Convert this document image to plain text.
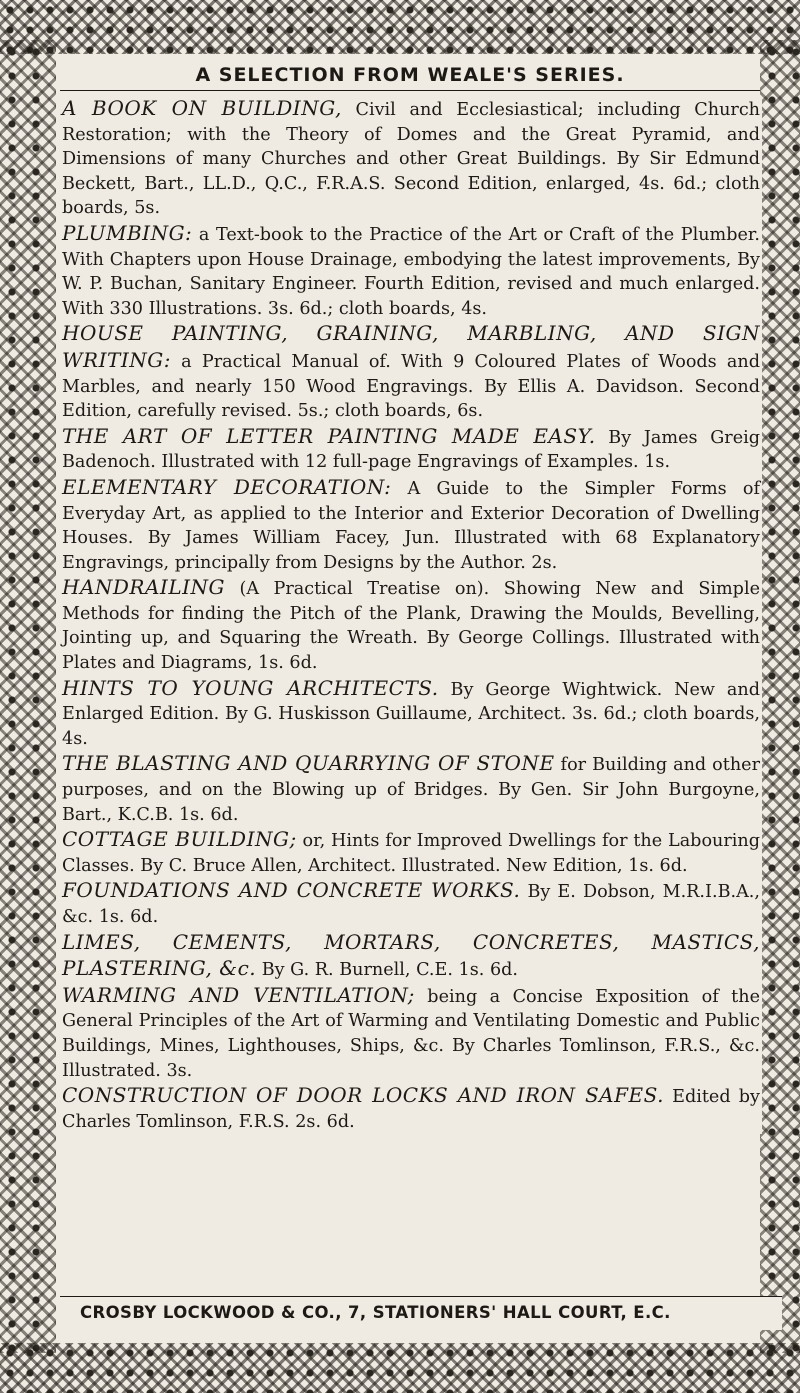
A SELECTION FROM WEALE'S SERIES.

A BOOK ON BUILDING, Civil and Ecclesiastical; including Church Restoration; with the Theory of Domes and the Great Pyramid, and Dimensions of many Churches and other Great Buildings. By Sir Edmund Beckett, Bart., LL.D., Q.C., F.R.A.S. Second Edition, enlarged, 4s. 6d.; cloth boards, 5s.

PLUMBING: a Text-book to the Practice of the Art or Craft of the Plumber. With Chapters upon House Drainage, embodying the latest improvements, By W. P. Buchan, Sanitary Engineer. Fourth Edition, revised and much enlarged. With 330 Illustrations. 3s. 6d.; cloth boards, 4s.

HOUSE PAINTING, GRAINING, MARBLING, AND SIGN WRITING: a Practical Manual of. With 9 Coloured Plates of Woods and Marbles, and nearly 150 Wood Engravings. By Ellis A. Davidson. Second Edition, carefully revised. 5s.; cloth boards, 6s.

THE ART OF LETTER PAINTING MADE EASY. By James Greig Badenoch. Illustrated with 12 full-page Engravings of Examples. 1s.

ELEMENTARY DECORATION: A Guide to the Simpler Forms of Everyday Art, as applied to the Interior and Exterior Decoration of Dwelling Houses. By James William Facey, Jun. Illustrated with 68 Explanatory Engravings, principally from Designs by the Author. 2s.

HANDRAILING (A Practical Treatise on). Showing New and Simple Methods for finding the Pitch of the Plank, Drawing the Moulds, Bevelling, Jointing up, and Squaring the Wreath. By George Collings. Illustrated with Plates and Diagrams, 1s. 6d.

HINTS TO YOUNG ARCHITECTS. By George Wightwick. New and Enlarged Edition. By G. Huskisson Guillaume, Architect. 3s. 6d.; cloth boards, 4s.

THE BLASTING AND QUARRYING OF STONE for Building and other purposes, and on the Blowing up of Bridges. By Gen. Sir John Burgoyne, Bart., K.C.B. 1s. 6d.

COTTAGE BUILDING; or, Hints for Improved Dwellings for the Labouring Classes. By C. Bruce Allen, Architect. Illustrated. New Edition, 1s. 6d.

FOUNDATIONS AND CONCRETE WORKS. By E. Dobson, M.R.I.B.A., &c. 1s. 6d.

LIMES, CEMENTS, MORTARS, CONCRETES, MASTICS, PLASTERING, &c. By G. R. Burnell, C.E. 1s. 6d.

WARMING AND VENTILATION; being a Concise Exposition of the General Principles of the Art of Warming and Ventilating Domestic and Public Buildings, Mines, Lighthouses, Ships, &c. By Charles Tomlinson, F.R.S., &c. Illustrated. 3s.

CONSTRUCTION OF DOOR LOCKS AND IRON SAFES. Edited by Charles Tomlinson, F.R.S. 2s. 6d.

CROSBY LOCKWOOD & CO., 7, STATIONERS' HALL COURT, E.C.
